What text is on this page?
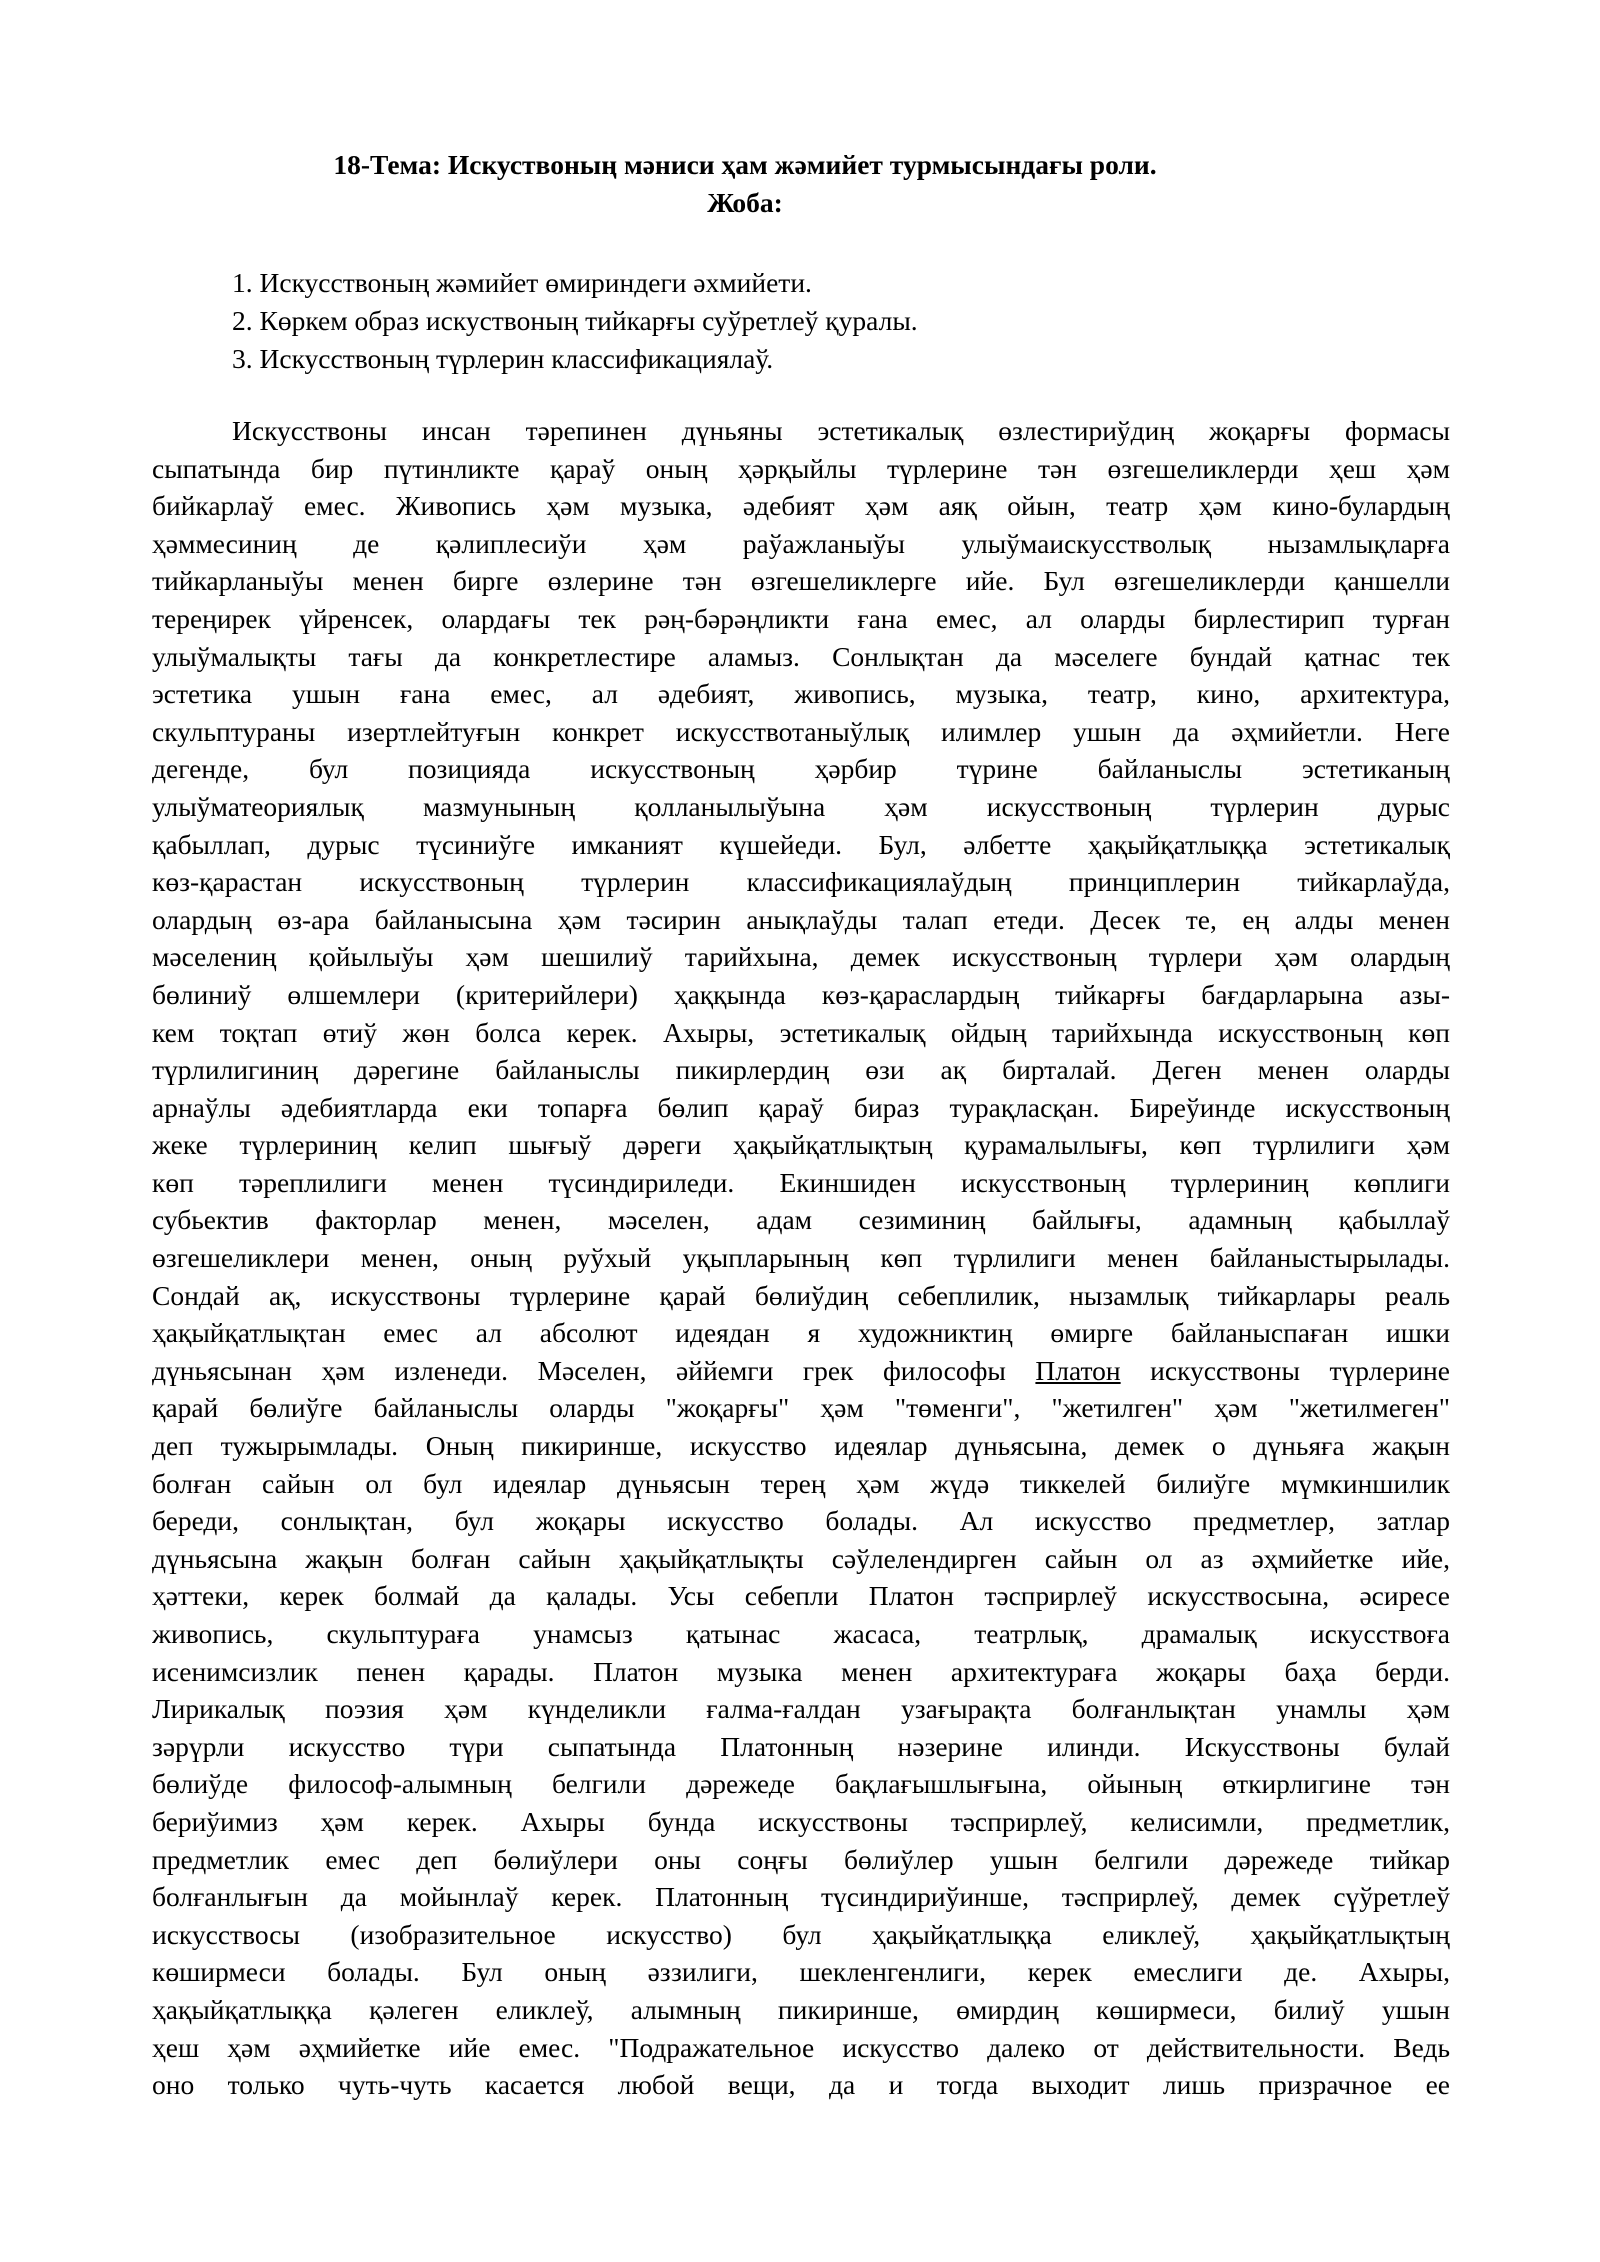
18-Тема: Искуствоның мәниси ҳам жәмийет турмысындағы роли.
Жоба:
1. Искусствоның жәмийет өмириндеги әхмийети.
2. Көркем образ искуствоның тийкарғы суўретлеў қуралы.
3. Искусствоның түрлерин классификациялаў.
Искусствоны инсан тәрепинен дүньяны эстетикалық өзлестириўдиң жоқарғы формасы
сыпатында бир пүтинликте қараў оның ҳәрқыйлы түрлерине тән өзгешеликлерди ҳеш ҳәм
бийкарлаў емес. Живопись ҳәм музыка, әдебият ҳәм аяқ ойын, театр ҳәм кино-булардың
ҳәммесиниң де қәлиплесиўи ҳәм раўажланыўы улыўмаискусстволық нызамлықларға
тийкарланыўы менен бирге өзлерине тән өзгешеликлерге ийе. Бул өзгешеликлерди қаншелли
тереңирек үйренсек, олардағы тек рәң-бәрәңликти ғана емес, ал оларды бирлестирип турған
улыўмалықты тағы да конкретлестире аламыз. Сонлықтан да мәселеге бундай қатнас тек
эстетика ушын ғана емес, ал әдебият, живопись, музыка, театр, кино, архитектура,
скульптураны изертлейтуғын конкрет искусствотаныўлық илимлер ушын да әҳмийетли. Неге
дегенде, бул позицияда искусствоның ҳәрбир түрине байланыслы эстетиканың
улыўматеориялық мазмунының қолланылыўына ҳәм искусствоның түрлерин дурыс
қабыллап, дурыс түсиниўге имканият күшейеди. Бул, әлбетте ҳақыйқатлыққа эстетикалық
көз-қарастан искусствоның түрлерин классификациялаўдың принциплерин тийкарлаўда,
олардың өз-ара байланысына ҳәм тәсирин анықлаўды талап етеди. Десек те, ең алды менен
мәселениң қойылыўы ҳәм шешилиў тарийхына, демек искусствоның түрлери ҳәм олардың
бөлиниў өлшемлери (критерийлери) ҳаққында көз-қараслардың тийкарғы бағдарларына азы-
кем тоқтап өтиў жөн болса керек. Ахыры, эстетикалық ойдың тарийхында искусствоның көп
түрлилигиниң дәрегине байланыслы пикирлердиң өзи ақ бирталай. Деген менен оларды
арнаўлы әдебиятларда еки топарға бөлип қараў бираз турақласқан. Биреўинде искусствоның
жеке түрлериниң келип шығыў дәреги ҳақыйқатлықтың қурамалылығы, көп түрлилиги ҳәм
көп тәреплилиги менен түсиндириледи. Екиншиден искусствоның түрлериниң көплиги
субьектив факторлар менен, мәселен, адам сезиминиң байлығы, адамның қабыллаў
өзгешеликлери менен, оның руўхый уқыпларының көп түрлилиги менен байланыстырылады.
Сондай ақ, искусствоны түрлерине қарай бөлиўдиң себеплилик, нызамлық тийкарлары реаль
ҳақыйқатлықтан емес ал абсолют идеядан я художниктиң өмирге байланыспаған ишки
дүньясынан ҳәм изленеди. Мәселен, әййемги грек философы Платон искусствоны түрлерине
қарай бөлиўге байланыслы оларды "жоқарғы" ҳәм "төменги", "жетилген" ҳәм "жетилмеген"
деп тужырымлады. Оның пикиринше, искусство идеялар дүньясына, демек о дүньяға жақын
болған сайын ол бул идеялар дүньясын терең ҳәм жүдә тиккелей билиўге мүмкиншилик
береди, сонлықтан, бул жоқары искусство болады. Ал искусство предметлер, затлар
дүньясына жақын болған сайын ҳақыйқатлықты сәўлелендирген сайын ол аз әҳмийетке ийе,
ҳәттеки, керек болмай да қалады. Усы себепли Платон тәсприрлеў искусствосына, әсиресе
живопись, скульптураға унамсыз қатынас жасаса, театрлық, драмалық искусствоға
исенимсизлик пенен қарады. Платон музыка менен архитектураға жоқары баҳа берди.
Лирикалық поэзия ҳәм күнделикли ғалма-ғалдан узағырақта болғанлықтан унамлы ҳәм
зәрүрли искусство түри сыпатында Платонның нәзерине илинди. Искусствоны булай
бөлиўде философ-алымның белгили дәрежеде бақлағышлығына, ойының өткирлигине тән
бериўимиз ҳәм керек. Ахыры бунда искусствоны тәсприрлеў, келисимли, предметлик,
предметлик емес деп бөлиўлери оны соңғы бөлиўлер ушын белгили дәрежеде тийкар
болғанлығын да мойынлаў керек. Платонның түсиндириўинше, тәсприрлеў, демек сүўретлеў
искусствосы (изобразительное искусство) бул ҳақыйқатлыққа еликлеў, ҳақыйқатлықтың
көширмеси болады. Бул оның әззилиги, шекленгенлиги, керек емеслиги де. Ахыры,
ҳақыйқатлыққа қәлеген еликлеў, алымның пикиринше, өмирдиң көширмеси, билиў ушын
ҳеш ҳәм әҳмийетке ийе емес. "Подражательное искусство далеко от действительности. Ведь
оно только чуть-чуть касается любой вещи, да и тогда выходит лишь призрачное ее
